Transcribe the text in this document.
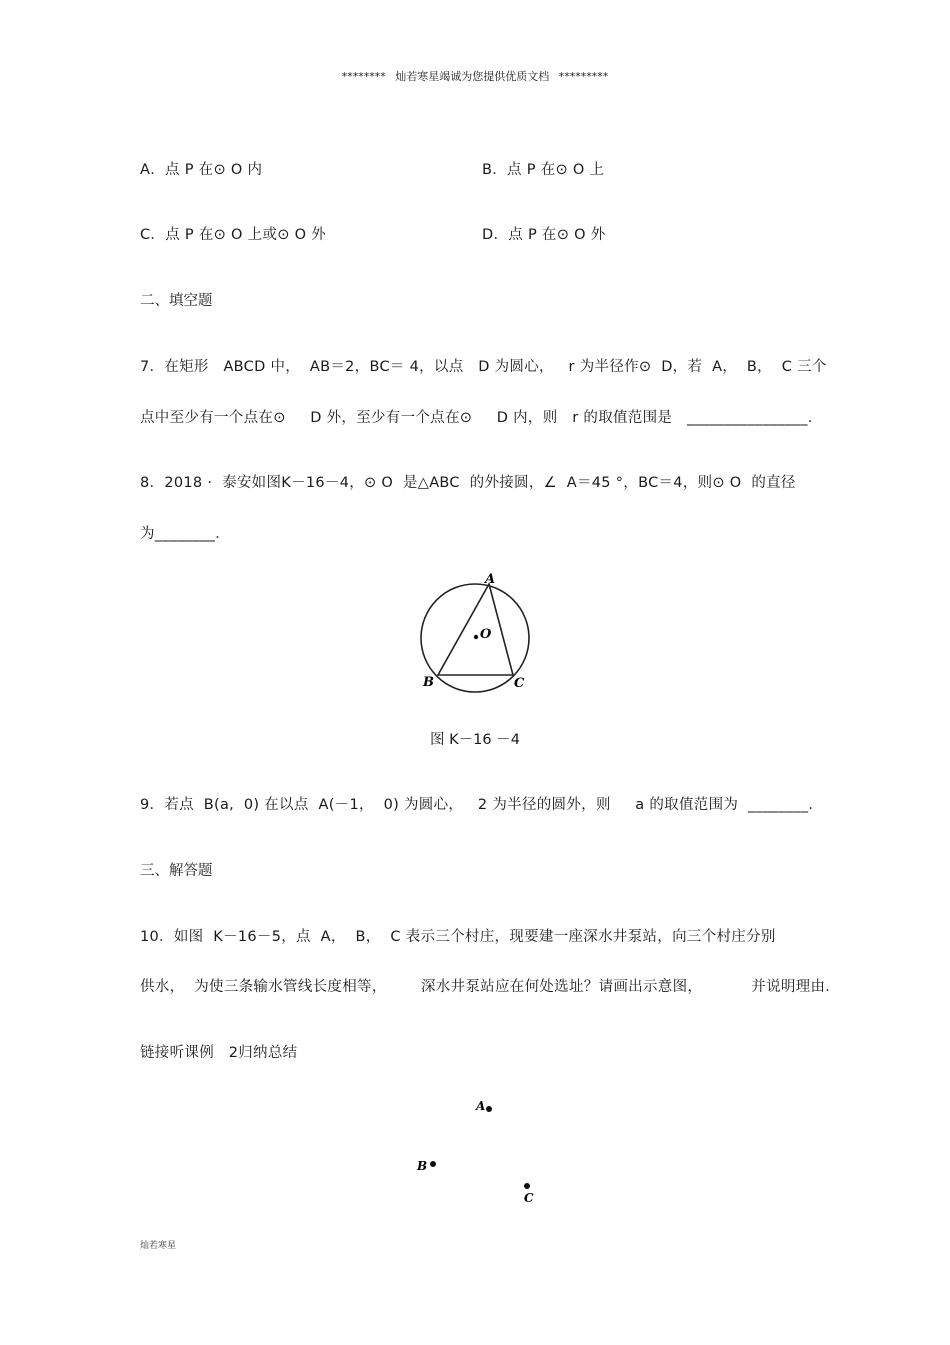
******** 灿若寒星竭诚为您提供优质文档 *********
A．点 P 在⊙ O 内	B．点 P 在⊙ O 上
C．点 P 在⊙ O 上或⊙ O 外	D．点 P 在⊙ O 外
二、填空题
7．在矩形   ABCD 中，  AB＝2，BC＝ 4，以点   D 为圆心，   r 为半径作⊙  D，若  A，  B，  C 三个
点中至少有一个点在⊙     D 外，至少有一个点在⊙     D 内，则   r 的取值范围是   ________________．
8．2018 ·  泰安如图K－16－4，⊙ O  是△ABC  的外接圆，∠  A＝45 °，BC＝4，则⊙ O  的直径
为________．
A
B	C
O
图 K－16 －4
9．若点  B(a,  0) 在以点  A(－1，  0) 为圆心，   2 为半径的圆外，则     a 的取值范围为  ________．
三、解答题
10．如图  K－16－5，点  A，  B，  C 表示三个村庄，现要建一座深水井泵站，向三个村庄分别
供水，  为使三条输水管线长度相等，       深水井泵站应在何处选址？请画出示意图，          并说明理由．
链接听课例   2归纳总结
A
B
C
灿若寒星
